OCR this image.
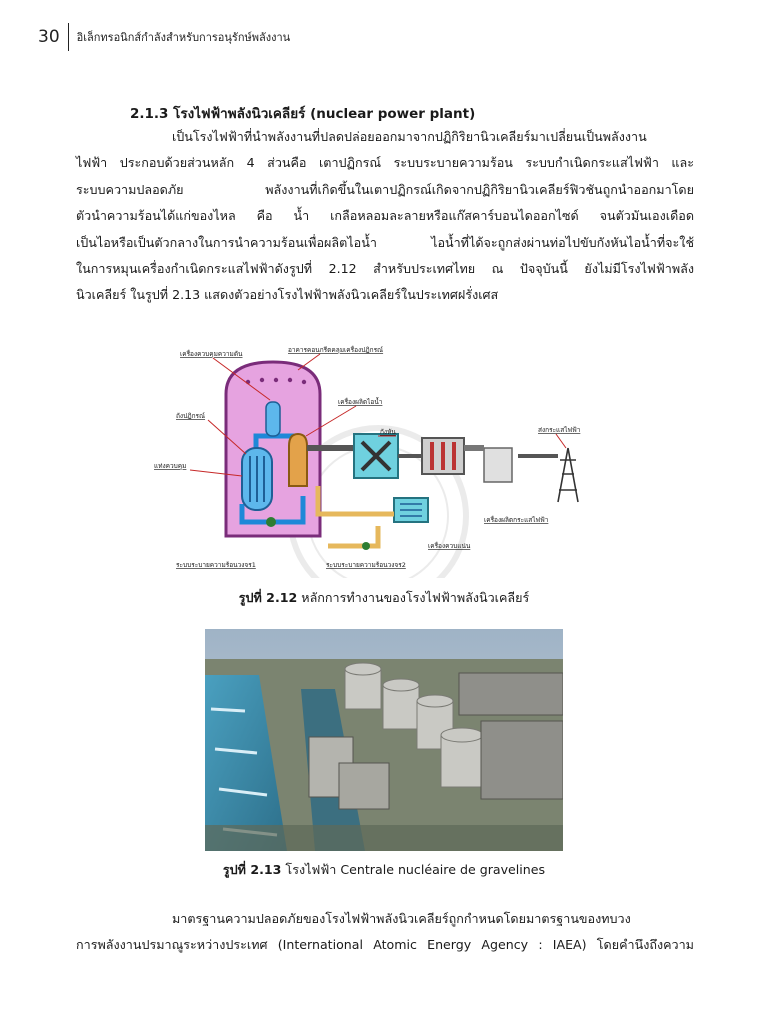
30	อิเล็กทรอนิกส์กำลังสำหรับการอนุรักษ์พลังงาน
2.1.3 โรงไฟฟ้าพลังนิวเคลียร์ (nuclear power plant)
เป็นโรงไฟฟ้าที่นำพลังงานที่ปลดปล่อยออกมาจากปฏิกิริยานิวเคลียร์มาเปลี่ยนเป็นพลังงาน
ไฟฟ้า ประกอบด้วยส่วนหลัก 4 ส่วนคือ เตาปฏิกรณ์ ระบบระบายความร้อน ระบบกำเนิดกระแสไฟฟ้า และ
ระบบความปลอดภัย พลังงานที่เกิดขึ้นในเตาปฏิกรณ์เกิดจากปฏิกิริยานิวเคลียร์ฟิวชันถูกนำออกมาโดย
ตัวนำความร้อนได้แก่ของไหล คือ น้ำ เกลือหลอมละลายหรือแก๊สคาร์บอนไดออกไซด์ จนตัวมันเองเดือด
เป็นไอหรือเป็นตัวกลางในการนำความร้อนเพื่อผลิตไอน้ำ ไอน้ำที่ได้จะถูกส่งผ่านท่อไปขับกังหันไอน้ำที่จะใช้
ในการหมุนเครื่องกำเนิดกระแสไฟฟ้าดังรูปที่ 2.12 สำหรับประเทศไทย ณ ปัจจุบันนี้ ยังไม่มีโรงไฟฟ้าพลัง
นิวเคลียร์ ในรูปที่ 2.13 แสดงตัวอย่างโรงไฟฟ้าพลังนิวเคลียร์ในประเทศฝรั่งเศส
เครื่องควบคุมความดัน	อาคารคอนกรีตคลุมเครื่องปฏิกรณ์
เครื่องผลิตไอน้ำ
ถังปฏิกรณ์
กังหัน	ส่งกระแสไฟฟ้า
แท่งควบคุม
เครื่องผลิตกระแสไฟฟ้า
เครื่องควบแน่น
ระบบระบายความร้อนวงจร1	ระบบระบายความร้อนวงจร2
รูปที่ 2.12 หลักการทำงานของโรงไฟฟ้าพลังนิวเคลียร์
รูปที่ 2.13 โรงไฟฟ้า Centrale nucléaire de gravelines
มาตรฐานความปลอดภัยของโรงไฟฟ้าพลังนิวเคลียร์ถูกกำหนดโดยมาตรฐานของทบวง
การพลังงานปรมาณูระหว่างประเทศ (International Atomic Energy Agency : IAEA) โดยคำนึงถึงความ
